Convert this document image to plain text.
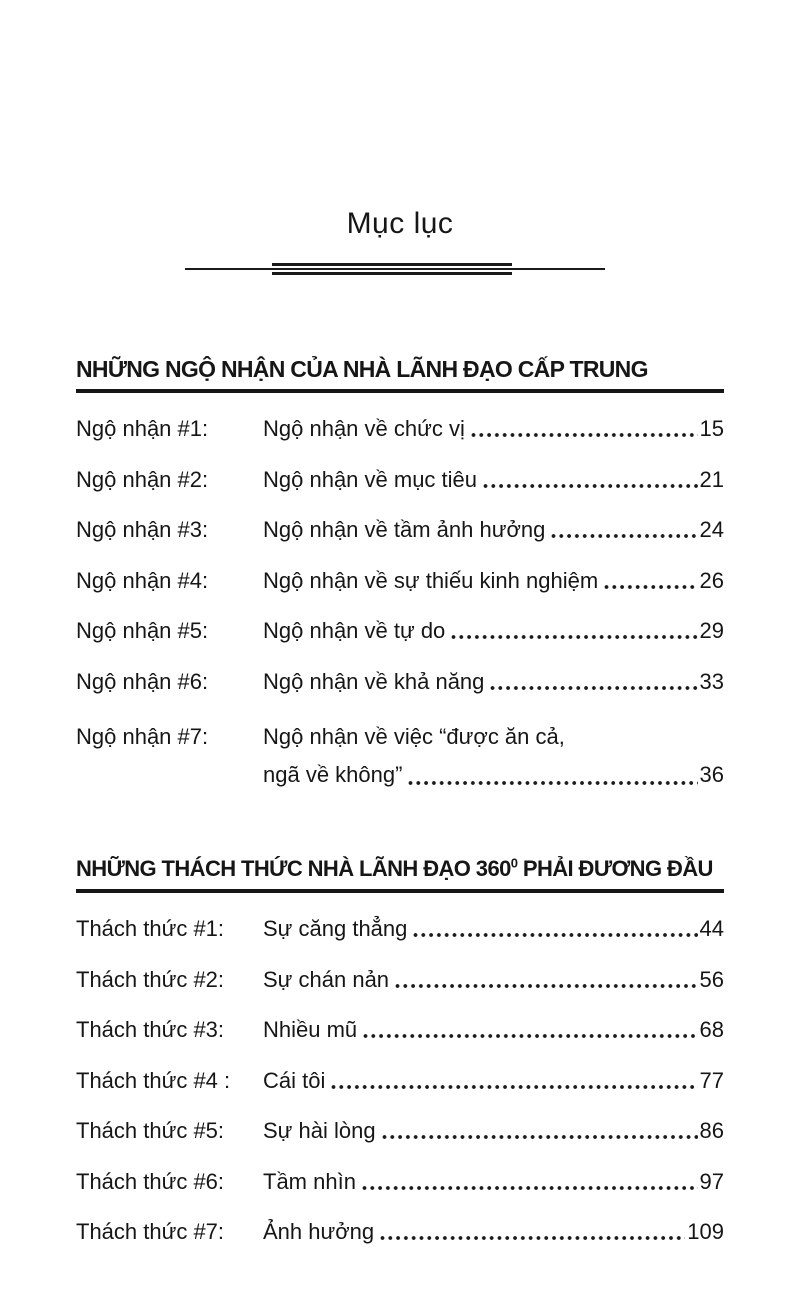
Mục lục
NHỮNG NGỘ NHẬN CỦA NHÀ LÃNH ĐẠO CẤP TRUNG
Ngộ nhận #1:	Ngộ nhận về chức vị	15
Ngộ nhận #2:	Ngộ nhận về mục tiêu	21
Ngộ nhận #3:	Ngộ nhận về tầm ảnh hưởng	24
Ngộ nhận #4:	Ngộ nhận về sự thiếu kinh nghiệm	26
Ngộ nhận #5:	Ngộ nhận về tự do	29
Ngộ nhận #6:	Ngộ nhận về khả năng	33
Ngộ nhận #7:	Ngộ nhận về việc “được ăn cả,
ngã về không”	36
NHỮNG THÁCH THỨC NHÀ LÃNH ĐẠO $360^0$ PHẢI ĐƯƠNG ĐẦU
Thách thức #1:	Sự căng thẳng	44
Thách thức #2:	Sự chán nản	56
Thách thức #3:	Nhiều mũ	68
Thách thức #4 :	Cái tôi	77
Thách thức #5:	Sự hài lòng	86
Thách thức #6:	Tầm nhìn	97
Thách thức #7:	Ảnh hưởng	109
